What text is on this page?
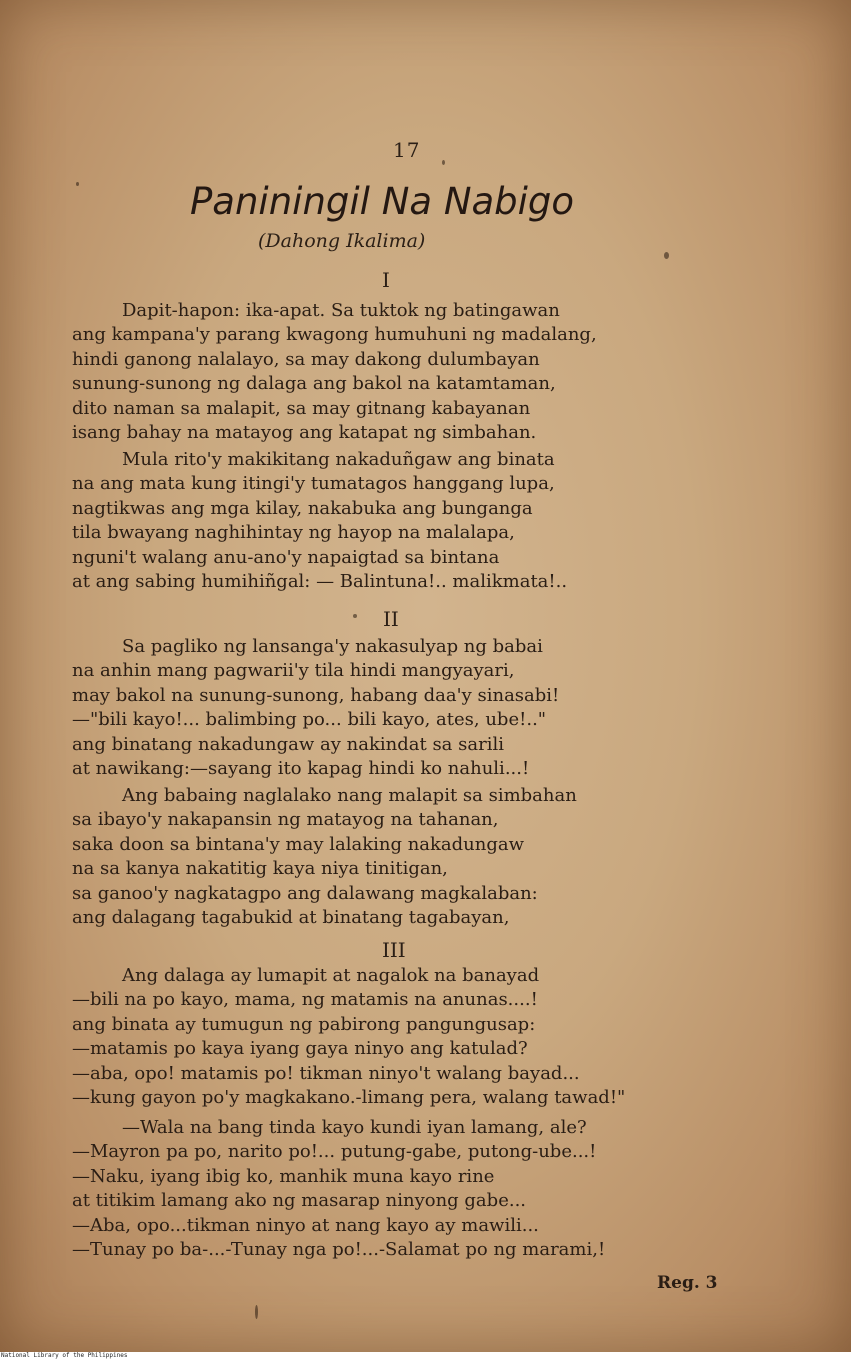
17
Paniningil Na Nabigo
(Dahong Ikalima)
I
Dapit-hapon: ika-apat. Sa tuktok ng batingawan
ang kampana'y parang kwagong humuhuni ng madalang,
hindi ganong nalalayo, sa may dakong dulumbayan
sunung-sunong ng dalaga ang bakol na katamtaman,
dito naman sa malapit, sa may gitnang kabayanan
isang bahay na matayog ang katapat ng simbahan.
Mula rito'y makikitang nakaduñgaw ang binata
na ang mata kung itingi'y tumatagos hanggang lupa,
nagtikwas ang mga kilay, nakabuka ang bunganga
tila bwayang naghihintay ng hayop na malalapa,
nguni't walang anu-ano'y napaigtad sa bintana
at ang sabing humihiñgal: — Balintuna!.. malikmata!..
II
Sa pagliko ng lansanga'y nakasulyap ng babai
na anhin mang pagwarii'y tila hindi mangyayari,
may bakol na sunung-sunong, habang daa'y sinasabi!
—"bili kayo!... balimbing po... bili kayo, ates, ube!.."
ang binatang nakadungaw ay nakindat sa sarili
at nawikang:—sayang ito kapag hindi ko nahuli...!
Ang babaing naglalako nang malapit sa simbahan
sa ibayo'y nakapansin ng matayog na tahanan,
saka doon sa bintana'y may lalaking nakadungaw
na sa kanya nakatitig kaya niya tinitigan,
sa ganoo'y nagkatagpo ang dalawang magkalaban:
ang dalagang tagabukid at binatang tagabayan,
III
Ang dalaga ay lumapit at nagalok na banayad
—bili na po kayo, mama, ng matamis na anunas....!
ang binata ay tumugun ng pabirong pangungusap:
—matamis po kaya iyang gaya ninyo ang katulad?
—aba, opo! matamis po! tikman ninyo't walang bayad...
—kung gayon po'y magkakano.-limang pera, walang tawad!"
—Wala na bang tinda kayo kundi iyan lamang, ale?
—Mayron pa po, narito po!... putung-gabe, putong-ube...!
—Naku, iyang ibig ko, manhik muna kayo rine
at titikim lamang ako ng masarap ninyong gabe...
—Aba, opo...tikman ninyo at nang kayo ay mawili...
—Tunay po ba-...-Tunay nga po!...-Salamat po ng marami,!
Reg. 3
National Library of the Philippines
